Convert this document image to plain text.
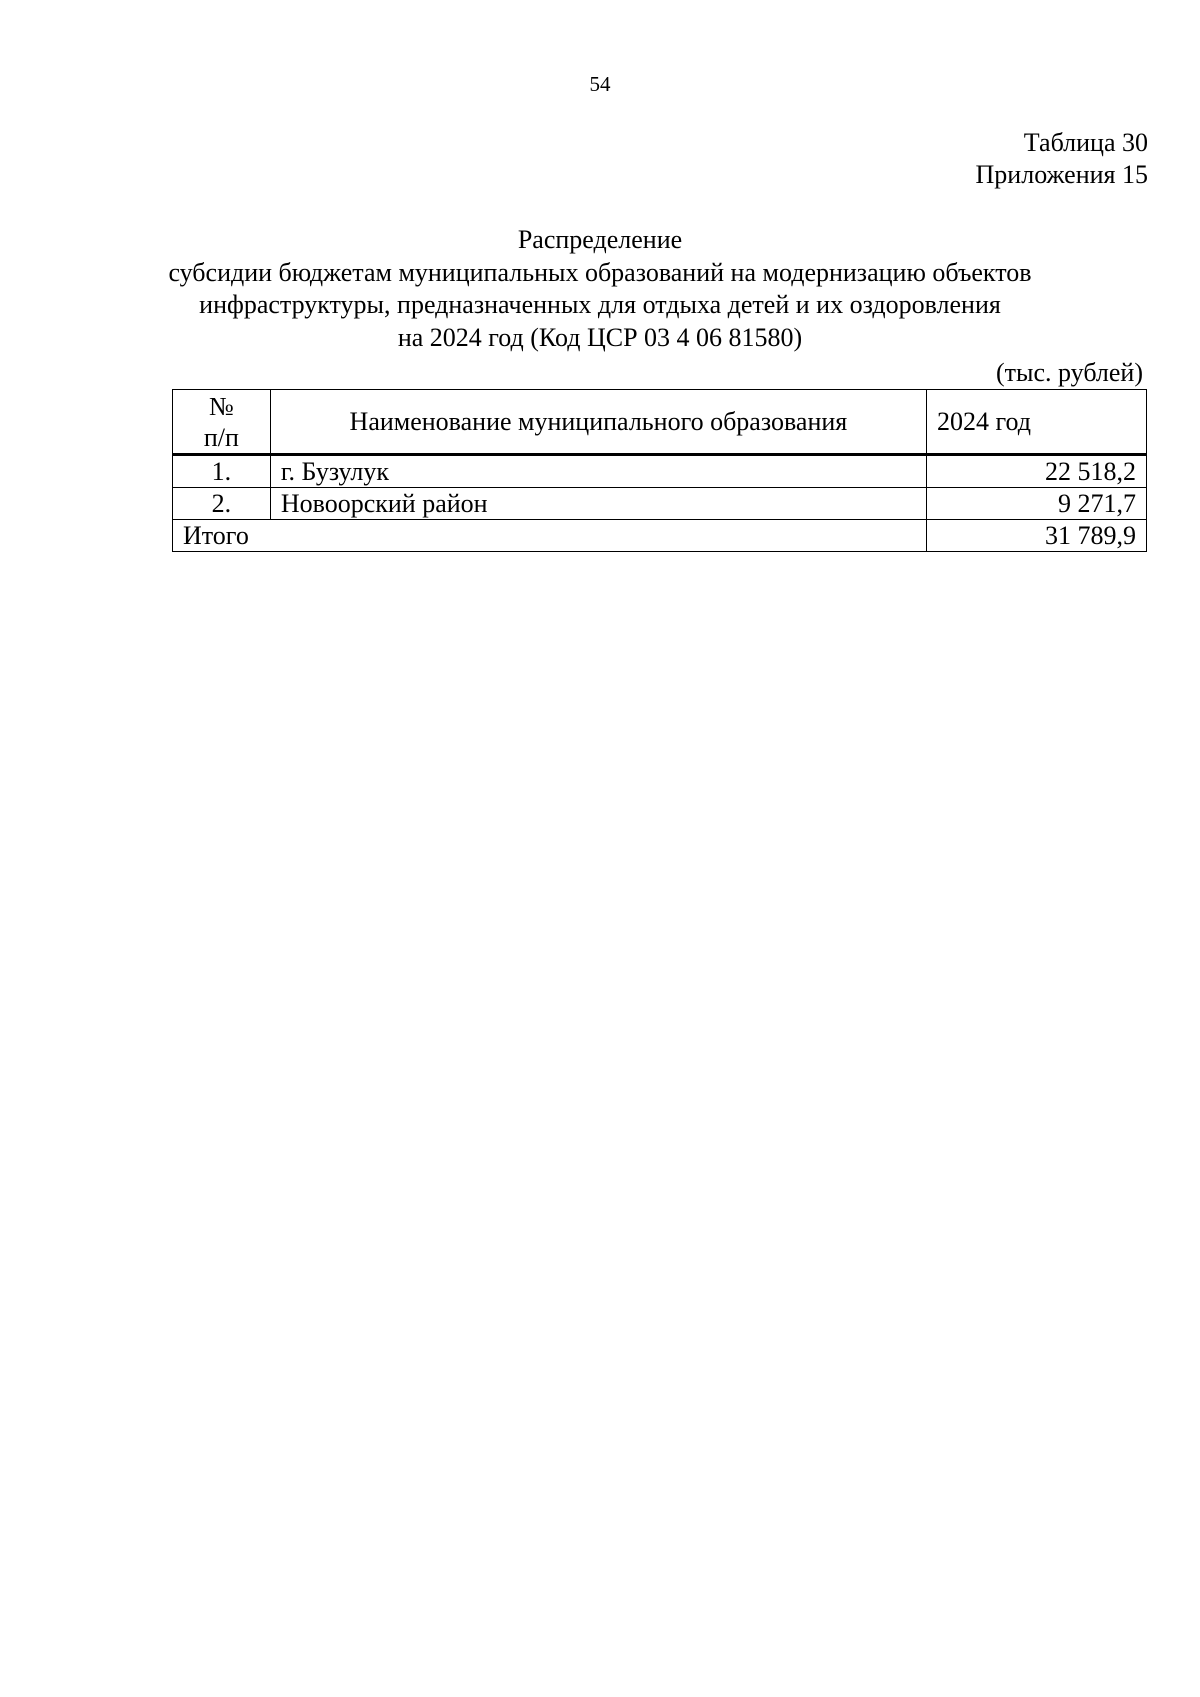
54
Таблица 30
Приложения 15
Распределение
субсидии бюджетам муниципальных образований на модернизацию объектов
инфраструктуры, предназначенных для отдыха детей и их оздоровления
на 2024 год (Код ЦСР 03 4 06 81580)
(тыс. рублей)
№
п/п	Наименование муниципального образования	2024 год
1.	г. Бузулук	22 518,2
2.	Новоорский район	9 271,7
Итого		31 789,9
